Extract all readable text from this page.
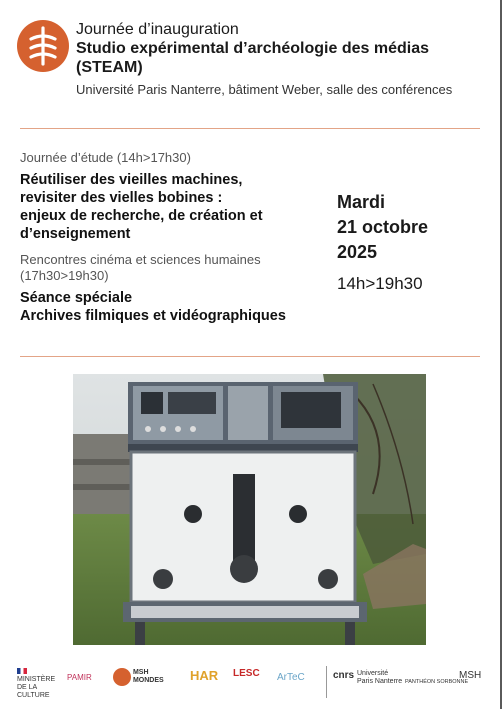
Journée d’inauguration
Studio expérimental d’archéologie des médias
(STEAM)
Université Paris Nanterre, bâtiment Weber, salle des conférences
Journée d’étude (14h>17h30)
Réutiliser des vieilles machines,
revisiter des vielles bobines :
enjeux de recherche, de création et
d’enseignement
Rencontres cinéma et sciences humaines
(17h30>19h30)
Séance spéciale
Archives filmiques et vidéographiques
Mardi
21 octobre
2025
14h>19h30
MINISTÈRE DE LA CULTURE
PAMIR
MSH MONDES HAR LESC ArTeC	cnrs Université Paris Nanterre PANTHÉON SORBONNE
MSH
